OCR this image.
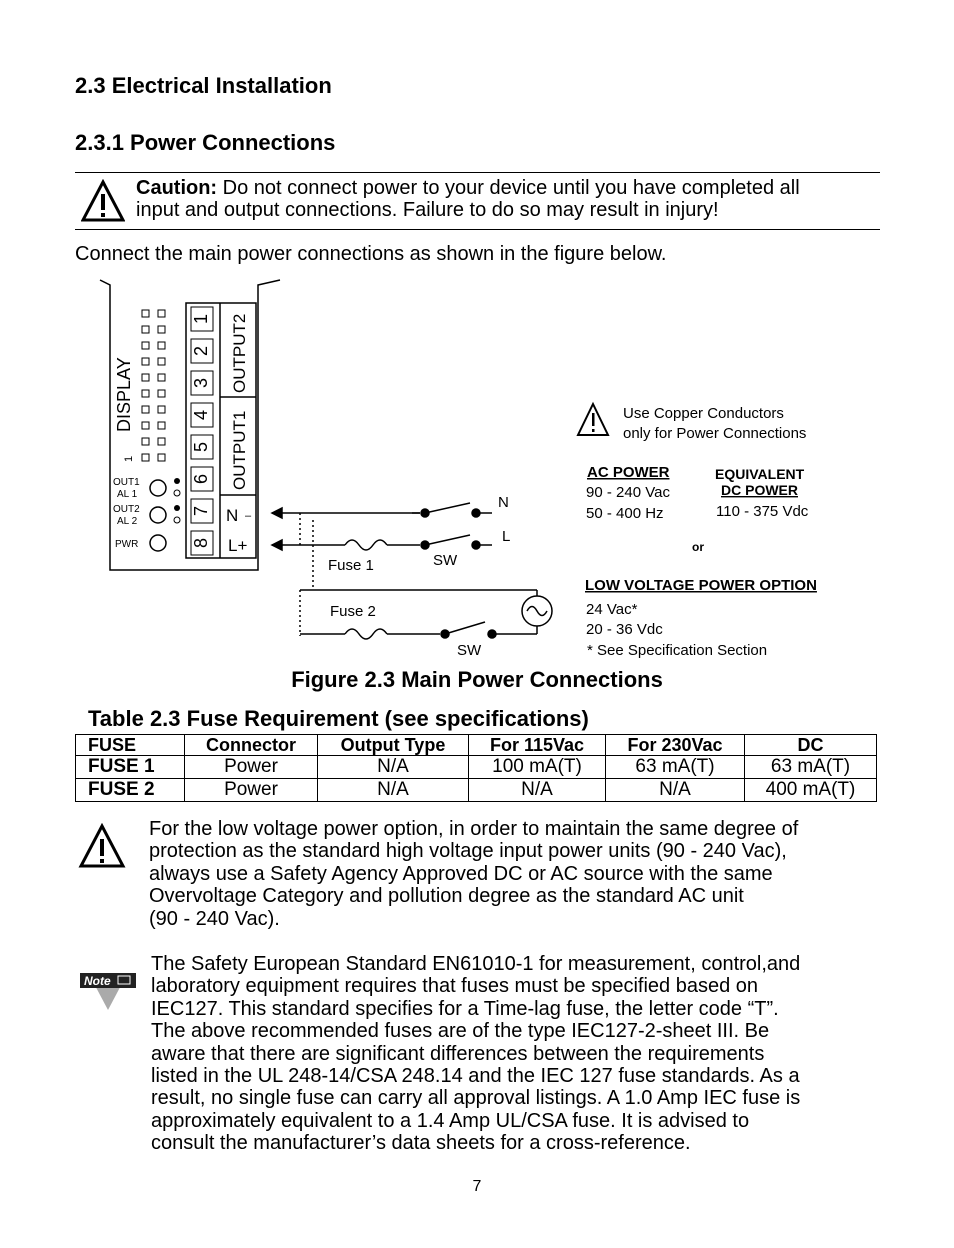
2.3 Electrical Installation
2.3.1 Power Connections
Caution: Do not connect power to your device until you have completed all
input and output connections. Failure to do so may result in injury!
Connect the main power connections as shown in the figure below.
DISPLAY
1
OUT1
AL 1
OUT2
AL 2
PWR
1
2
3
4
5
6
7
8
OUTPUT2
OUTPUT1
N –
L+
N
L
SW
SW
Fuse 1
Fuse 2
Use Copper Conductors
only for Power Connections
AC POWER
90 - 240 Vac
50 - 400 Hz
EQUIVALENT
DC POWER
110 - 375 Vdc
or
LOW VOLTAGE POWER OPTION
24 Vac*
20 - 36 Vdc
* See Specification Section
Figure 2.3 Main Power Connections
Table 2.3 Fuse Requirement (see specifications)
FUSE	Connector	Output Type	For 115Vac	For 230Vac	DC
FUSE 1	Power	N/A	100 mA(T)	63 mA(T)	63 mA(T)
FUSE 2	Power	N/A	N/A	N/A	400 mA(T)
For the low voltage power option, in order to maintain the same degree of
protection as the standard high voltage input power units (90 - 240 Vac),
always use a Safety Agency Approved DC or AC source with the same
Overvoltage Category and pollution degree as the standard AC unit
(90 - 240 Vac).
Note
The Safety European Standard EN61010-1 for measurement, control,and
laboratory equipment requires that fuses must be specified based on
IEC127. This standard specifies for a Time-lag fuse, the letter code “T”.
The above recommended fuses are of the type IEC127-2-sheet III. Be
aware that there are significant differences between the requirements
listed in the UL 248-14/CSA 248.14 and the IEC 127 fuse standards. As a
result, no single fuse can carry all approval listings. A 1.0 Amp IEC fuse is
approximately equivalent to a 1.4 Amp UL/CSA fuse. It is advised to
consult the manufacturer’s data sheets for a cross-reference.
7
